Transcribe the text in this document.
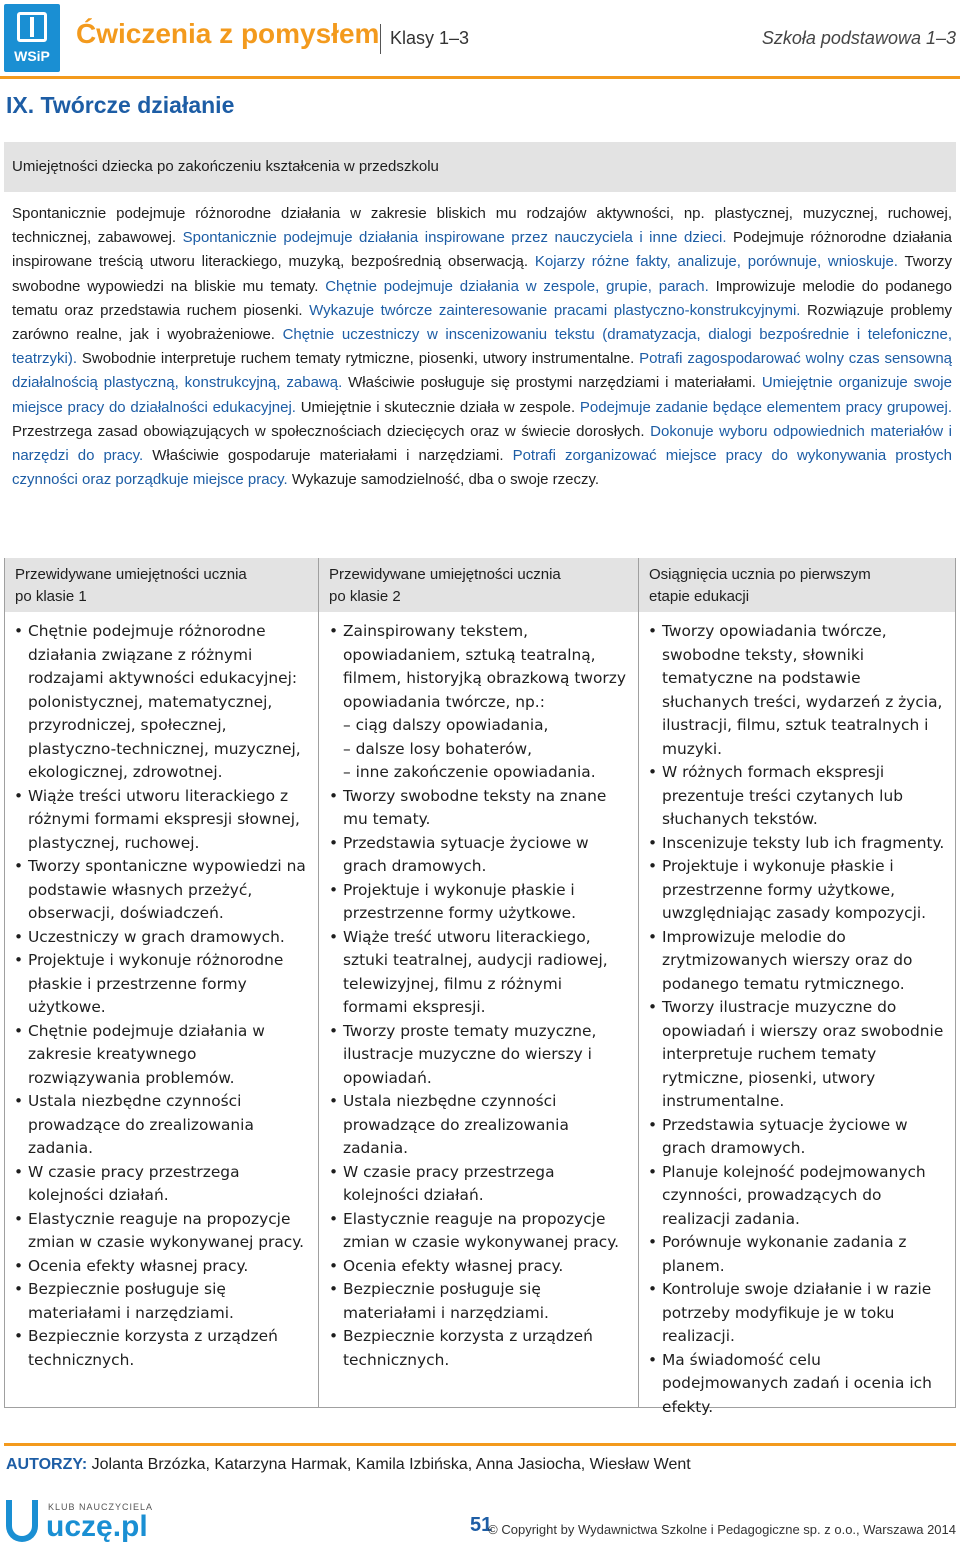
WSiP
Ćwiczenia z pomysłem Klasy 1–3	Szkoła podstawowa 1–3
IX. Twórcze działanie
Umiejętności dziecka po zakończeniu kształcenia w przedszkolu

Spontanicznie podejmuje różnorodne działania w zakresie bliskich mu rodzajów aktywności, np. plastycznej, muzycznej, ruchowej, technicznej, zabawowej. Spontanicznie podejmuje działania inspirowane przez nauczyciela i inne dzieci. Podejmuje różnorodne działania inspirowane treścią utworu literackiego, muzyką, bezpośrednią obserwacją. Kojarzy różne fakty, analizuje, porównuje, wnioskuje. Tworzy swobodne wypowiedzi na bliskie mu tematy. Chętnie podejmuje działania w zespole, grupie, parach. Improwizuje melodie do podanego tematu oraz przedstawia ruchem piosenki. Wykazuje twórcze zainteresowanie pracami plastyczno-konstrukcyjnymi. Rozwiązuje problemy zarówno realne, jak i wyobrażeniowe. Chętnie uczestniczy w inscenizowaniu tekstu (dramatyzacja, dialogi bezpośrednie i telefoniczne, teatrzyki). Swobodnie interpretuje ruchem tematy rytmiczne, piosenki, utwory instrumentalne. Potrafi zagospodarować wolny czas sensowną działalnością plastyczną, konstrukcyjną, zabawą. Właściwie posługuje się prostymi narzędziami i materiałami. Umiejętnie organizuje swoje miejsce pracy do działalności edukacyjnej. Umiejętnie i skutecznie działa w zespole. Podejmuje zadanie będące elementem pracy grupowej. Przestrzega zasad obowiązujących w społecznościach dziecięcych oraz w świecie dorosłych. Dokonuje wyboru odpowiednich materiałów i narzędzi do pracy. Właściwie gospodaruje materiałami i narzędziami. Potrafi zorganizować miejsce pracy do wykonywania prostych czynności oraz porządkuje miejsce pracy. Wykazuje samodzielność, dba o swoje rzeczy.

Przewidywane umiejętności ucznia
po klasie 1
Przewidywane umiejętności ucznia
po klasie 2
Osiągnięcia ucznia po pierwszym
etapie edukacji
• Chętnie podejmuje różnorodne działania związane z różnymi rodzajami aktywności edukacyjnej: polonistycznej, matematycznej, przyrodniczej, społecznej, plastyczno-technicznej, muzycznej, ekologicznej, zdrowotnej.
• Wiąże treści utworu literackiego z różnymi formami ekspresji słownej, plastycznej, ruchowej.
• Tworzy spontaniczne wypowiedzi na podstawie własnych przeżyć, obserwacji, doświadczeń.
• Uczestniczy w grach dramowych.
• Projektuje i wykonuje różnorodne płaskie i przestrzenne formy użytkowe.
• Chętnie podejmuje działania w zakresie kreatywnego rozwiązywania problemów.
• Ustala niezbędne czynności prowadzące do zrealizowania zadania.
• W czasie pracy przestrzega kolejności działań.
• Elastycznie reaguje na propozycje zmian w czasie wykonywanej pracy.
• Ocenia efekty własnej pracy.
• Bezpiecznie posługuje się materiałami i narzędziami.
• Bezpiecznie korzysta z urządzeń technicznych.
• Zainspirowany tekstem, opowiadaniem, sztuką teatralną, filmem, historyjką obrazkową tworzy opowiadania twórcze, np.:
– ciąg dalszy opowiadania,
– dalsze losy bohaterów,
– inne zakończenie opowiadania.
• Tworzy swobodne teksty na znane mu tematy.
• Przedstawia sytuacje życiowe w grach dramowych.
• Projektuje i wykonuje płaskie i przestrzenne formy użytkowe.
• Wiąże treść utworu literackiego, sztuki teatralnej, audycji radiowej, telewizyjnej, filmu z różnymi formami ekspresji.
• Tworzy proste tematy muzyczne, ilustracje muzyczne do wierszy i opowiadań.
• Ustala niezbędne czynności prowadzące do zrealizowania zadania.
• W czasie pracy przestrzega kolejności działań.
• Elastycznie reaguje na propozycje zmian w czasie wykonywanej pracy.
• Ocenia efekty własnej pracy.
• Bezpiecznie posługuje się materiałami i narzędziami.
• Bezpiecznie korzysta z urządzeń technicznych.
• Tworzy opowiadania twórcze, swobodne teksty, słowniki tematyczne na podstawie słuchanych treści, wydarzeń z życia, ilustracji, filmu, sztuk teatralnych i muzyki.
• W różnych formach ekspresji prezentuje treści czytanych lub słuchanych tekstów.
• Inscenizuje teksty lub ich fragmenty.
• Projektuje i wykonuje płaskie i przestrzenne formy użytkowe, uwzględniając zasady kompozycji.
• Improwizuje melodie do zrytmizowanych wierszy oraz do podanego tematu rytmicznego.
• Tworzy ilustracje muzyczne do opowiadań i wierszy oraz swobodnie interpretuje ruchem tematy rytmiczne, piosenki, utwory instrumentalne.
• Przedstawia sytuacje życiowe w grach dramowych.
• Planuje kolejność podejmowanych czynności, prowadzących do realizacji zadania.
• Porównuje wykonanie zadania z planem.
• Kontroluje swoje działanie i w razie potrzeby modyfikuje je w toku realizacji.
• Ma świadomość celu podejmowanych zadań i ocenia ich efekty.
AUTORZY: Jolanta Brzózka, Katarzyna Harmak, Kamila Izbińska, Anna Jasiocha, Wiesław Went
KLUB NAUCZYCIELA
uczę.pl	51
© Copyright by Wydawnictwa Szkolne i Pedagogiczne sp. z o.o., Warszawa 2014
